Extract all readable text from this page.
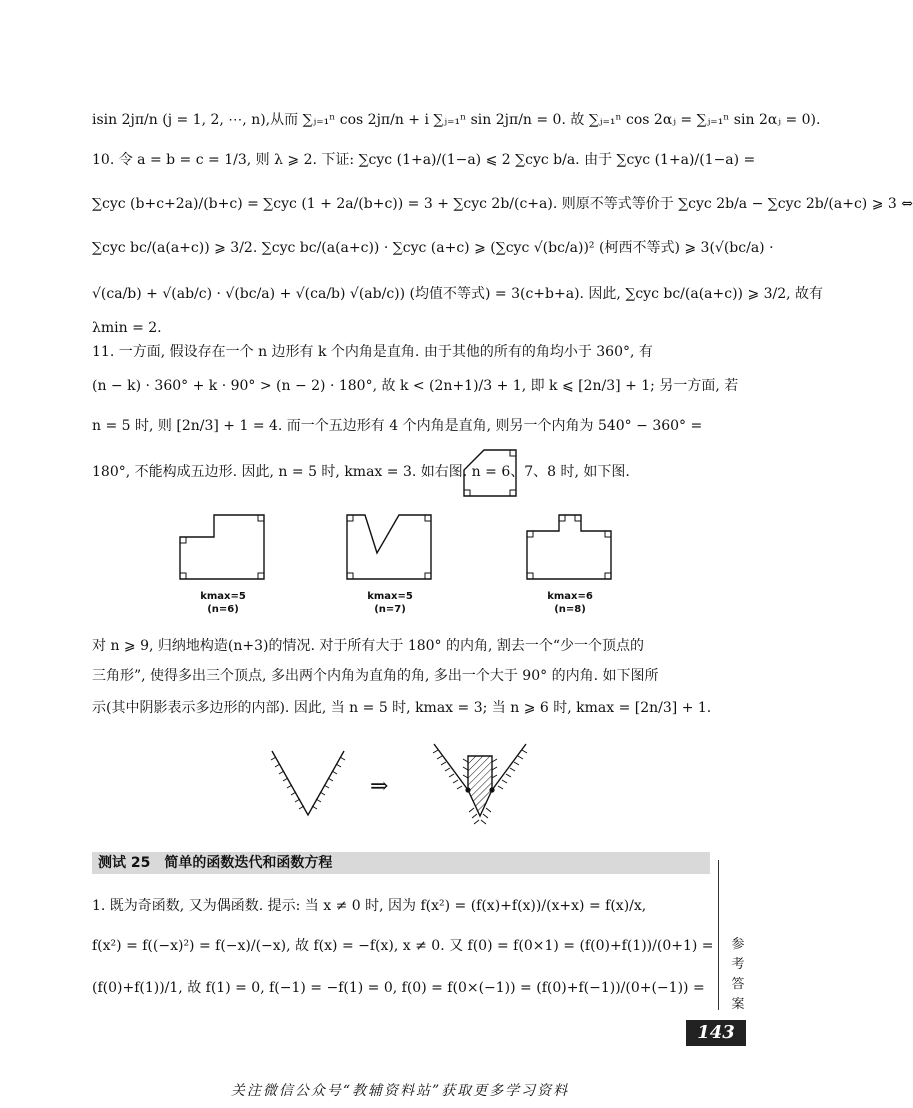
isin 2jπ/n (j = 1, 2, ⋯, n),从而 ∑ⱼ₌₁ⁿ cos 2jπ/n + i ∑ⱼ₌₁ⁿ sin 2jπ/n = 0. 故 ∑ⱼ₌₁ⁿ cos 2αⱼ = ∑ⱼ₌₁ⁿ sin 2αⱼ = 0).
10. 令 a = b = c = 1/3, 则 λ ⩾ 2. 下证: ∑cyc (1+a)/(1−a) ⩽ 2 ∑cyc b/a. 由于 ∑cyc (1+a)/(1−a) =
∑cyc (b+c+2a)/(b+c) = ∑cyc (1 + 2a/(b+c)) = 3 + ∑cyc 2b/(c+a). 则原不等式等价于 ∑cyc 2b/a − ∑cyc 2b/(a+c) ⩾ 3 ⇔
∑cyc bc/(a(a+c)) ⩾ 3/2. ∑cyc bc/(a(a+c)) · ∑cyc (a+c) ⩾ (∑cyc √(bc/a))² (柯西不等式) ⩾ 3(√(bc/a) ·
√(ca/b) + √(ab/c) · √(bc/a) + √(ca/b) √(ab/c)) (均值不等式) = 3(c+b+a). 因此, ∑cyc bc/(a(a+c)) ⩾ 3/2, 故有
λmin = 2.
11. 一方面, 假设存在一个 n 边形有 k 个内角是直角. 由于其他的所有的角均小于 360°, 有
(n − k) · 360° + k · 90° > (n − 2) · 180°, 故 k < (2n+1)/3 + 1, 即 k ⩽ [2n/3] + 1; 另一方面, 若
n = 5 时, 则 [2n/3] + 1 = 4. 而一个五边形有 4 个内角是直角, 则另一个内角为 540° − 360° =
180°, 不能构成五边形. 因此, n = 5 时, kmax = 3. 如右图. n = 6、7、8 时, 如下图.
kmax=5
(n=6)
kmax=5
(n=7)
kmax=6
(n=8)
对 n ⩾ 9, 归纳地构造(n+3)的情况. 对于所有大于 180° 的内角, 割去一个“少一个顶点的
三角形”, 使得多出三个顶点, 多出两个内角为直角的角, 多出一个大于 90° 的内角. 如下图所
示(其中阴影表示多边形的内部). 因此, 当 n = 5 时, kmax = 3; 当 n ⩾ 6 时, kmax = [2n/3] + 1.
⇒
测试 25　简单的函数迭代和函数方程
1. 既为奇函数, 又为偶函数. 提示: 当 x ≠ 0 时, 因为 f(x²) = (f(x)+f(x))/(x+x) = f(x)/x,
f(x²) = f((−x)²) = f(−x)/(−x), 故 f(x) = −f(x), x ≠ 0. 又 f(0) = f(0×1) = (f(0)+f(1))/(0+1) =
(f(0)+f(1))/1, 故 f(1) = 0, f(−1) = −f(1) = 0, f(0) = f(0×(−1)) = (f(0)+f(−1))/(0+(−1)) =
参
考
答
案
143
关注微信公众号“教辅资料站”获取更多学习资料
